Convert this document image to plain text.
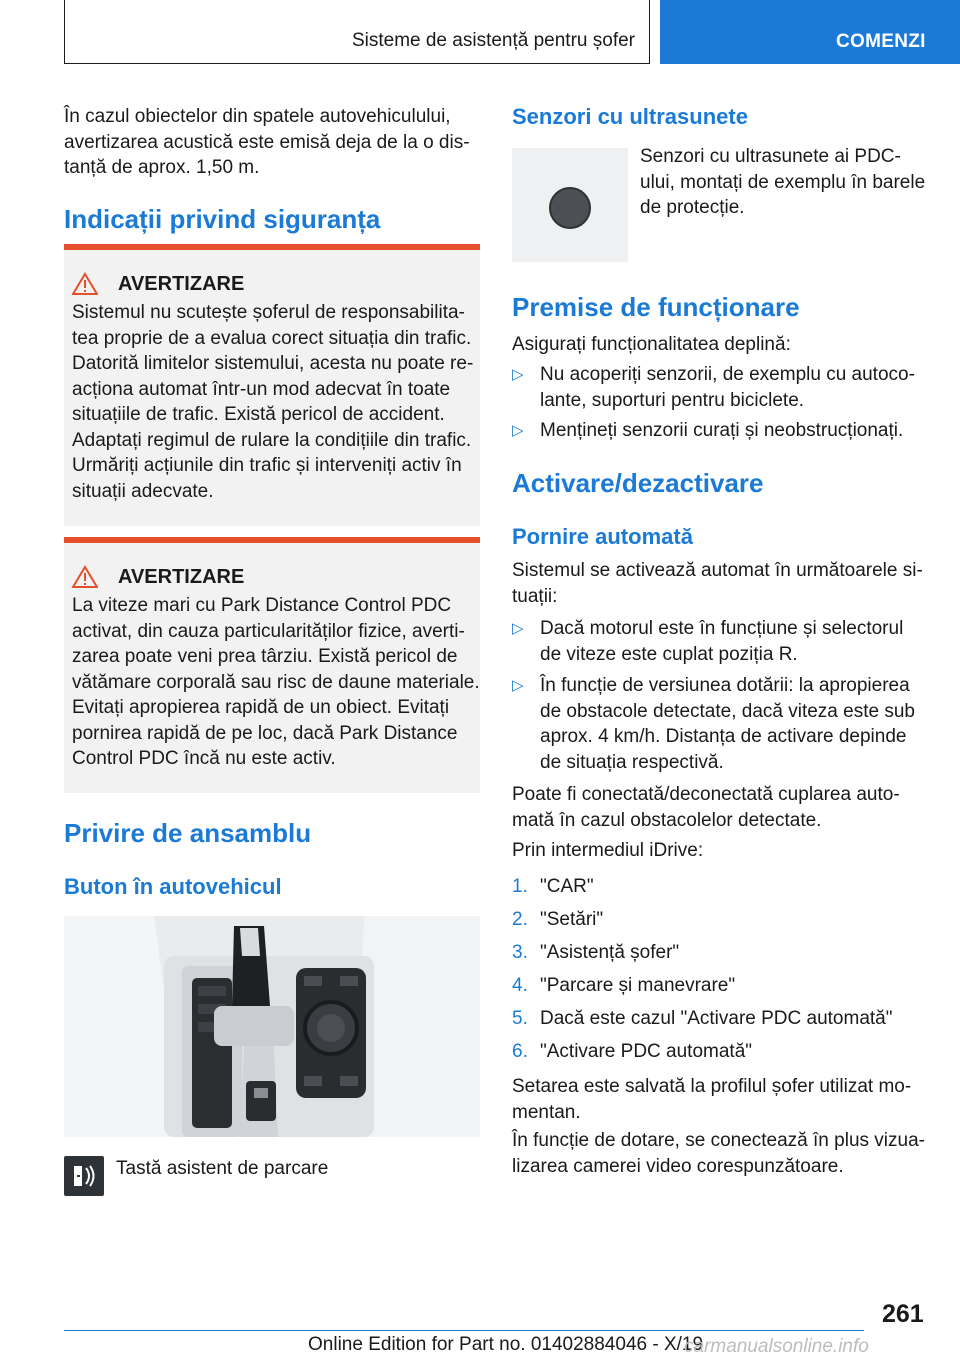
Sisteme de asistență pentru șofer	COMENZI

În cazul obiectelor din spatele autovehiculului,

avertizarea acustică este emisă deja de la o dis-

tanță de aprox. 1,50 m.

Indicații privind siguranța
AVERTIZARE
Sistemul nu scutește șoferul de responsabilita-
tea proprie de a evalua corect situația din trafic.
Datorită limitelor sistemului, acesta nu poate re-
acționa automat într-un mod adecvat în toate
situațiile de trafic. Există pericol de accident.
Adaptați regimul de rulare la condițiile din trafic.
Urmăriți acțiunile din trafic și interveniți activ în
situații adecvate.
AVERTIZARE
La viteze mari cu Park Distance Control PDC
activat, din cauza particularităților fizice, averti-
zarea poate veni prea târziu. Există pericol de
vătămare corporală sau risc de daune materiale.
Evitați apropierea rapidă de un obiect. Evitați
pornirea rapidă de pe loc, dacă Park Distance
Control PDC încă nu este activ.
Privire de ansamblu
Buton în autovehicul

Tastă asistent de parcare

Senzori cu ultrasunete

Senzori cu ultrasunete ai PDC-

ului, montați de exemplu în barele

de protecție.

Premise de funcționare

Asigurați funcționalitatea deplină:

▷ Nu acoperiți senzorii, de exemplu cu autoco-
lante, suporturi pentru biciclete.
▷ Mențineți senzorii curați și neobstrucționați.
Activare/dezactivare
Pornire automată

Sistemul se activează automat în următoarele si-

tuații:

▷ Dacă motorul este în funcțiune și selectorul
de viteze este cuplat poziția R.
▷ În funcție de versiunea dotării: la apropierea
de obstacole detectate, dacă viteza este sub
aprox. 4 km/h. Distanța de activare depinde
de situația respectivă.

Poate fi conectată/deconectată cuplarea auto-

mată în cazul obstacolelor detectate.

Prin intermediul iDrive:

1. "CAR"
2. "Setări"
3. "Asistență șofer"
4. "Parcare și manevrare"
5. Dacă este cazul "Activare PDC automată"
6. "Activare PDC automată"

Setarea este salvată la profilul șofer utilizat mo-

mentan.

În funcție de dotare, se conectează în plus vizua-

lizarea camerei video corespunzătoare.

261
Online Edition for Part no. 01402884046 - X/19
carmanualsonline.info
